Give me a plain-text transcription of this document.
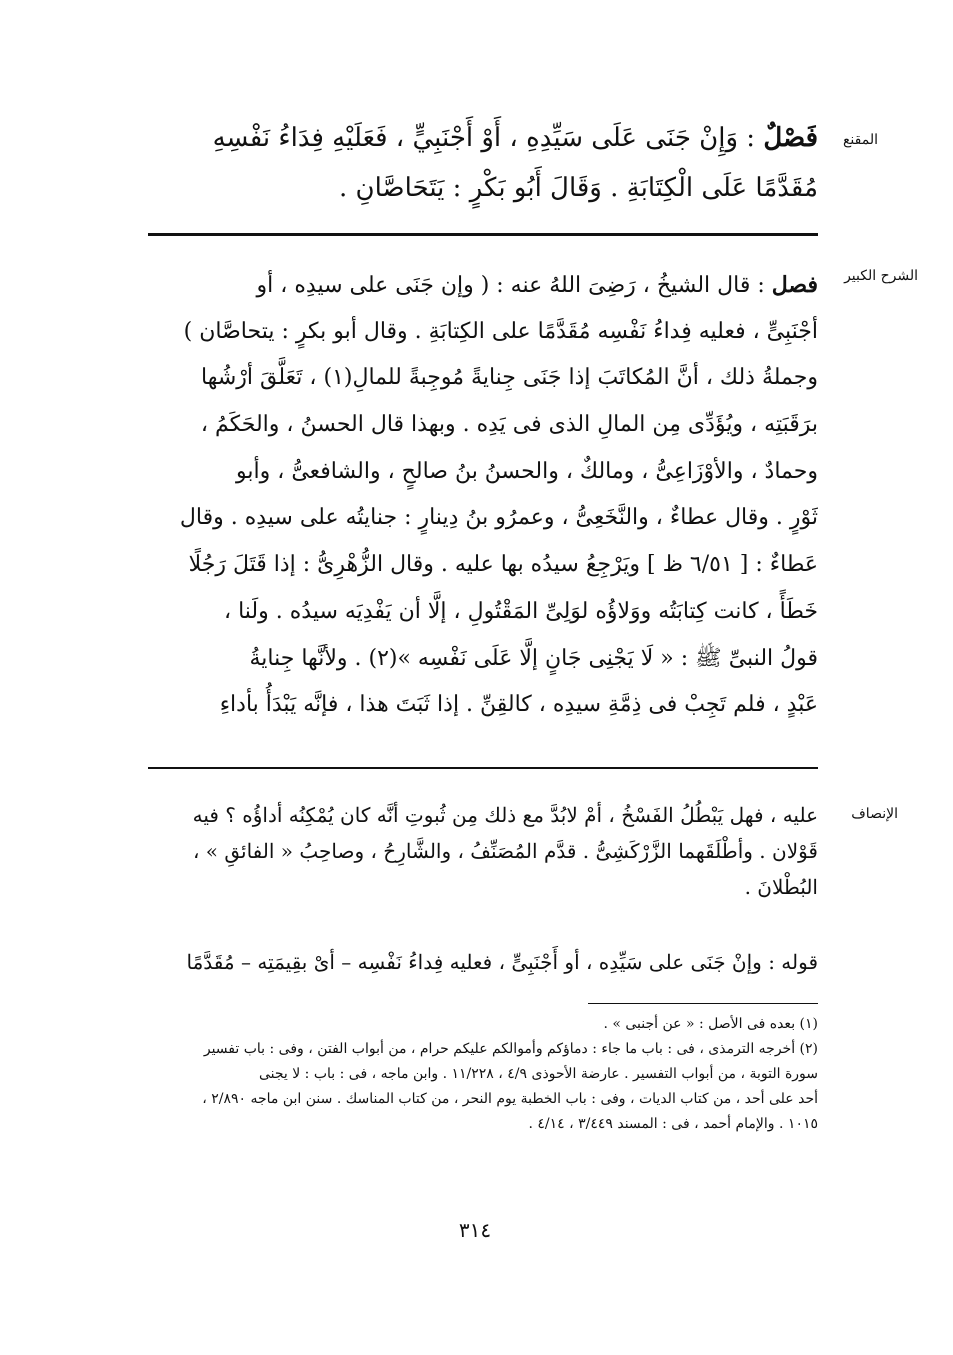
المقنع
الشرح الكبير
الإنصاف
فَصْلٌ : وَإِنْ جَنَى عَلَى سَيِّدِهِ ، أَوْ أَجْنَبِيٍّ ، فَعَلَيْهِ فِدَاءُ نَفْسِهِ
مُقَدَّمًا عَلَى الْكِتَابَةِ . وَقَالَ أَبُو بَكْرٍ : يَتَحَاصَّانِ .
فصل : قال الشيخُ ، رَضِىَ اللهُ عنه : ( وإن جَنَى على سيدِه ، أو
أجْنَبِىٍّ ، فعليه فِداءُ نَفْسِه مُقَدَّمًا على الكِتابَةِ . وقال أبو بكرٍ : يتحاصَّان )
وجملةُ ذلك ، أنَّ المُكاتَبَ إذا جَنَى جِنايةً مُوجِبةً للمالِ(١) ، تَعَلَّقَ أرْشُها
برَقَبَتِه ، ويُؤَدِّى مِن المالِ الذى فى يَدِه . وبهذا قال الحسنُ ، والحَكَمُ ،
وحمادٌ ، والأوْزَاعِىُّ ، ومالكٌ ، والحسنُ بنُ صالحٍ ، والشافعىُّ ، وأبو
ثَوْرٍ . وقال عطاءٌ ، والنَّخَعِىُّ ، وعمرُو بنُ دِينارٍ : جنايتُه على سيدِه . وقال
عَطاءٌ : [ ٦/٥١ ظ ] ويَرْجِعُ سيدُه بها عليه . وقال الزُّهْرِىُّ : إذا قَتَلَ رَجُلًا
خَطَأً ، كانت كِتابَتُه ووَلاؤُه لوَلِىِّ المَقْتُولِ ، إلَّا أن يَفْدِيَه سيدُه . ولَنا ،
قولُ النبىِّ ﷺ : « لَا يَجْنِى جَانٍ إلَّا عَلَى نَفْسِه »(٢) . ولأنَّها جِنايةُ
عَبْدٍ ، فلم تَجِبْ فى ذِمَّةِ سيدِه ، كالقِنِّ . إذا ثَبَتَ هذا ، فإنَّه يَبْدَأُ بأداءِ
عليه ، فهل يَبْطُلُ الفَسْخُ ، أمْ لابُدَّ مع ذلك مِن ثُبوتِ أنَّه كان يُمْكِنُه أداؤُه ؟ فيه
قَوْلان . وأطْلَقَهما الزَّرْكَشِىُّ . قدَّم المُصَنِّفُ ، والشَّارِحُ ، وصاحِبُ « الفائقِ » ،
البُطْلانَ .
قوله : وإنْ جَنَى على سَيِّدِه ، أو أَجْنَبِىٍّ ، فعليه فِداءُ نَفْسِه – أىْ بقِيمَتِه – مُقَدَّمًا
(١) بعده فى الأصل : « عن أجنبى » .
(٢) أخرجه الترمذى ، فى : باب ما جاء : دماؤكم وأموالكم عليكم حرام ، من أبواب الفتن ، وفى : باب تفسير
سورة التوبة ، من أبواب التفسير . عارضة الأحوذى ٤/٩ ، ١١/٢٢٨ . وابن ماجه ، فى : باب : لا يجنى
أحد على أحد ، من كتاب الديات ، وفى : باب الخطبة يوم النحر ، من كتاب المناسك . سنن ابن ماجه ٢/٨٩٠ ،
١٠١٥ . والإمام أحمد ، فى : المسند ٣/٤٤٩ ، ٤/١٤ .
٣١٤
